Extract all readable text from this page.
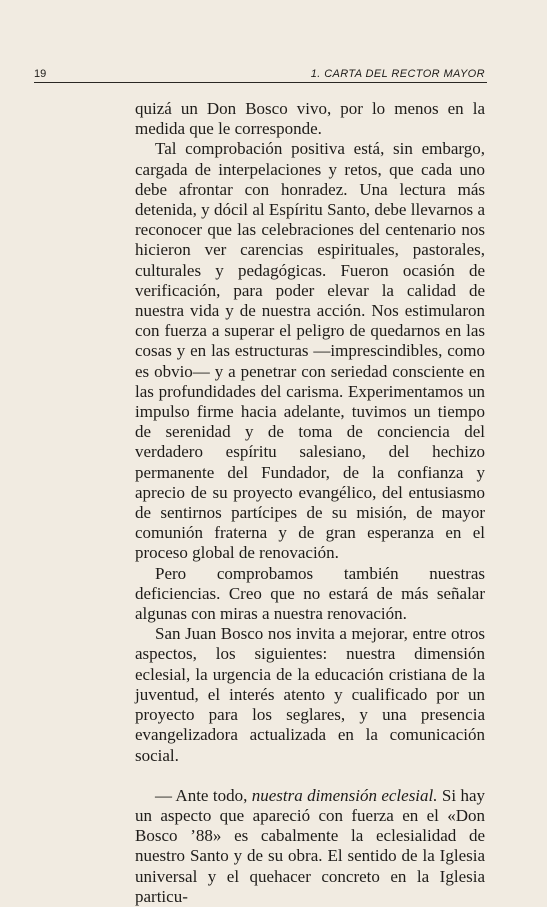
19	1. CARTA DEL RECTOR MAYOR

quizá un Don Bosco vivo, por lo menos en la medida que le corresponde.

Tal comprobación positiva está, sin embargo, cargada de interpelaciones y retos, que cada uno debe afrontar con honradez. Una lectura más detenida, y dócil al Espíritu Santo, debe llevarnos a reconocer que las celebraciones del centenario nos hicieron ver carencias espirituales, pastorales, culturales y pedagógicas. Fueron ocasión de verificación, para poder elevar la calidad de nuestra vida y de nuestra acción. Nos estimularon con fuerza a superar el peligro de quedarnos en las cosas y en las estructuras —imprescindibles, como es obvio— y a penetrar con seriedad consciente en las profundidades del carisma. Experimentamos un impulso firme hacia adelante, tuvimos un tiempo de serenidad y de toma de conciencia del verdadero espíritu salesiano, del hechizo permanente del Fundador, de la confianza y aprecio de su proyecto evangélico, del entusiasmo de sentirnos partícipes de su misión, de mayor comunión fraterna y de gran esperanza en el proceso global de renovación.

Pero comprobamos también nuestras deficiencias. Creo que no estará de más señalar algunas con miras a nuestra renovación.

San Juan Bosco nos invita a mejorar, entre otros aspectos, los siguientes: nuestra dimensión eclesial, la urgencia de la educación cristiana de la juventud, el interés atento y cualificado por un proyecto para los seglares, y una presencia evangelizadora actualizada en la comunicación social.

— Ante todo, nuestra dimensión eclesial. Si hay un aspecto que apareció con fuerza en el «Don Bosco ’88» es cabalmente la eclesialidad de nuestro Santo y de su obra. El sentido de la Iglesia universal y el quehacer concreto en la Iglesia particu-
